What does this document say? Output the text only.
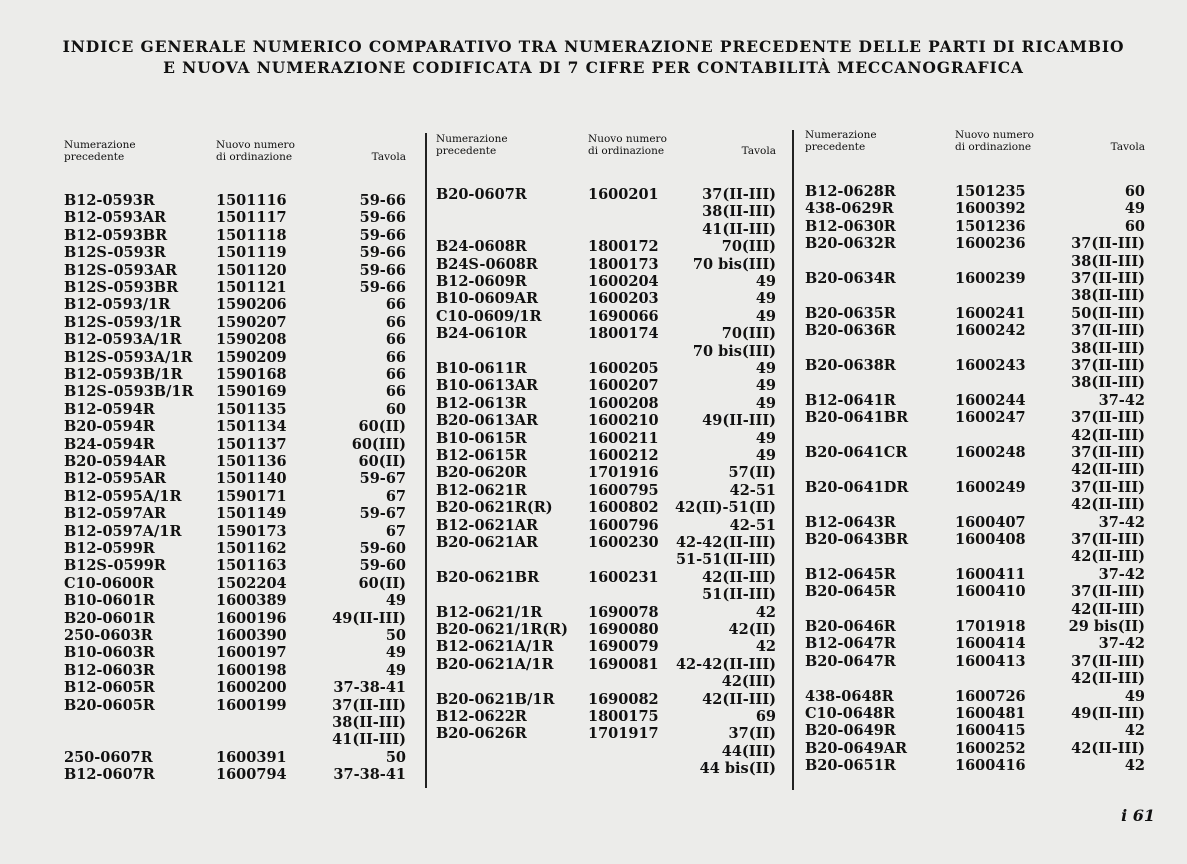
INDICE GENERALE NUMERICO COMPARATIVO TRA NUMERAZIONE PRECEDENTE DELLE PARTI DI RICAMBIO
E NUOVA NUMERAZIONE CODIFICATA DI 7 CIFRE PER CONTABILITÀ MECCANOGRAFICA
Numerazione
precedente
Nuovo numero
di ordinazione	Tavola
B12-0593R	1501116	59-66
B12-0593AR	1501117	59-66
B12-0593BR	1501118	59-66
B12S-0593R	1501119	59-66
B12S-0593AR	1501120	59-66
B12S-0593BR	1501121	59-66
B12-0593/1R	1590206	66
B12S-0593/1R 1590207	66
B12-0593A/1R 1590208	66
B12S-0593A/1R 1590209	66
B12-0593B/1R 1590168	66
B12S-0593B/1R 1590169	66
B12-0594R	1501135	60
B20-0594R	1501134	60(II)
B24-0594R	1501137	60(III)
B20-0594AR	1501136	60(II)
B12-0595AR	1501140	59-67
B12-0595A/1R 1590171	67
B12-0597AR	1501149	59-67
B12-0597A/1R 1590173	67
B12-0599R	1501162	59-60
B12S-0599R	1501163	59-60
C10-0600R	1502204	60(II)
B10-0601R	1600389	49
B20-0601R	1600196	49(II-III)
250-0603R	1600390	50
B10-0603R	1600197	49
B12-0603R	1600198	49
B12-0605R	1600200	37-38-41
B20-0605R	1600199	37(II-III)
38(II-III)
41(II-III)
250-0607R	1600391	50
B12-0607R	1600794	37-38-41
Numerazione
precedente
Nuovo numero
di ordinazione	Tavola
B20-0607R	1600201	37(II-III)
38(II-III)
41(II-III)
B24-0608R	1800172	70(III)
B24S-0608R	1800173 70 bis(III)
B12-0609R	1600204	49
B10-0609AR	1600203	49
C10-0609/1R	1690066	49
B24-0610R	1800174	70(III)
70 bis(III)
B10-0611R	1600205	49
B10-0613AR	1600207	49
B12-0613R	1600208	49
B20-0613AR	1600210	49(II-III)
B10-0615R	1600211	49
B12-0615R	1600212	49
B20-0620R	1701916	57(II)
B12-0621R	1600795	42-51
B20-0621R(R) 1600802 42(II)-51(II)
B12-0621AR	1600796	42-51
B20-0621AR	1600230 42-42(II-III)
51-51(II-III)
B20-0621BR	1600231	42(II-III)
51(II-III)
B12-0621/1R	1690078	42
B20-0621/1R(R) 1690080	42(II)
B12-0621A/1R 1690079	42
B20-0621A/1R 1690081 42-42(II-III)
42(III)
B20-0621B/1R 1690082	42(II-III)
B12-0622R	1800175	69
B20-0626R	1701917	37(II)
44(III)
44 bis(II)
Numerazione
precedente
Nuovo numero
di ordinazione	Tavola
B12-0628R	1501235	60
438-0629R	1600392	49
B12-0630R	1501236	60
B20-0632R	1600236	37(II-III)
38(II-III)
B20-0634R	1600239	37(II-III)
38(II-III)
B20-0635R	1600241	50(II-III)
B20-0636R	1600242	37(II-III)
38(II-III)
B20-0638R	1600243	37(II-III)
38(II-III)
B12-0641R	1600244	37-42
B20-0641BR	1600247	37(II-III)
42(II-III)
B20-0641CR	1600248	37(II-III)
42(II-III)
B20-0641DR	1600249	37(II-III)
42(II-III)
B12-0643R	1600407	37-42
B20-0643BR	1600408	37(II-III)
42(II-III)
B12-0645R	1600411	37-42
B20-0645R	1600410	37(II-III)
42(II-III)
B20-0646R	1701918	29 bis(II)
B12-0647R	1600414	37-42
B20-0647R	1600413	37(II-III)
42(II-III)
438-0648R	1600726	49
C10-0648R	1600481	49(II-III)
B20-0649R	1600415	42
B20-0649AR	1600252	42(II-III)
B20-0651R	1600416	42
i 61
